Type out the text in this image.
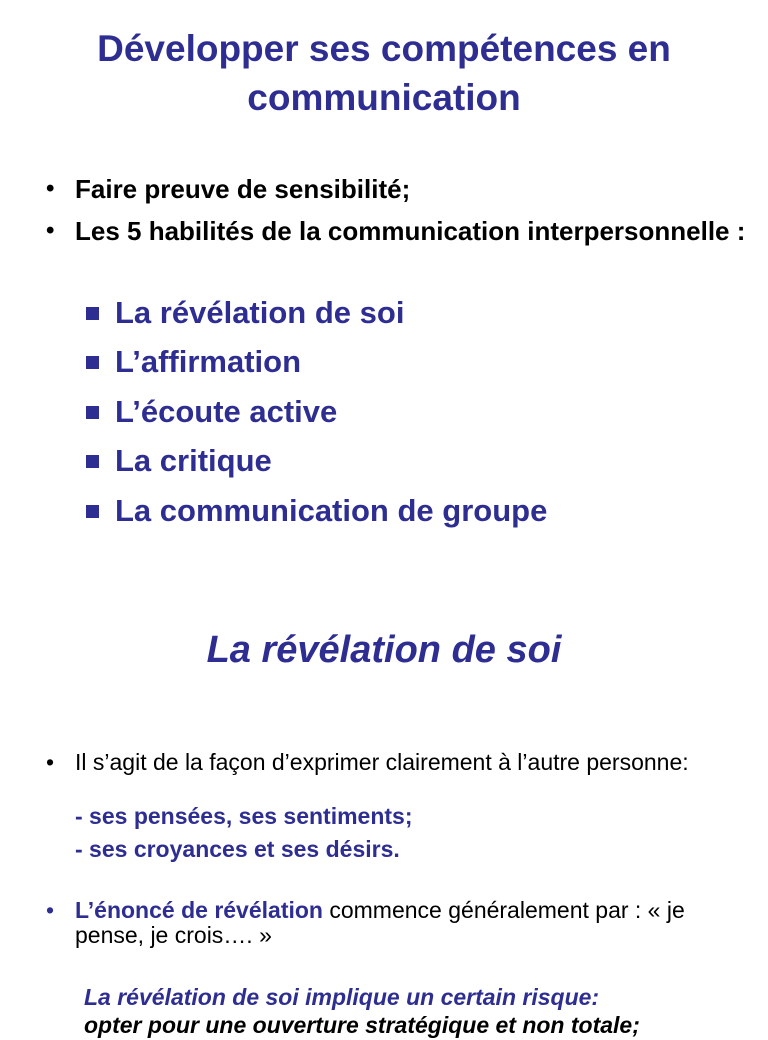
Développer ses compétences en communication
• Faire preuve de sensibilité;
• Les 5 habilités de la communication interpersonnelle :
La révélation de soi
L’affirmation
L’écoute active
La critique
La communication de groupe
La révélation de soi
• Il s’agit de la façon d’exprimer clairement à l’autre personne:
- ses pensées, ses sentiments;
- ses croyances et ses désirs.
• L’énoncé de révélation commence généralement par : « je pense, je crois…. »
La révélation de soi implique un certain risque:
opter pour une ouverture stratégique et non totale;
